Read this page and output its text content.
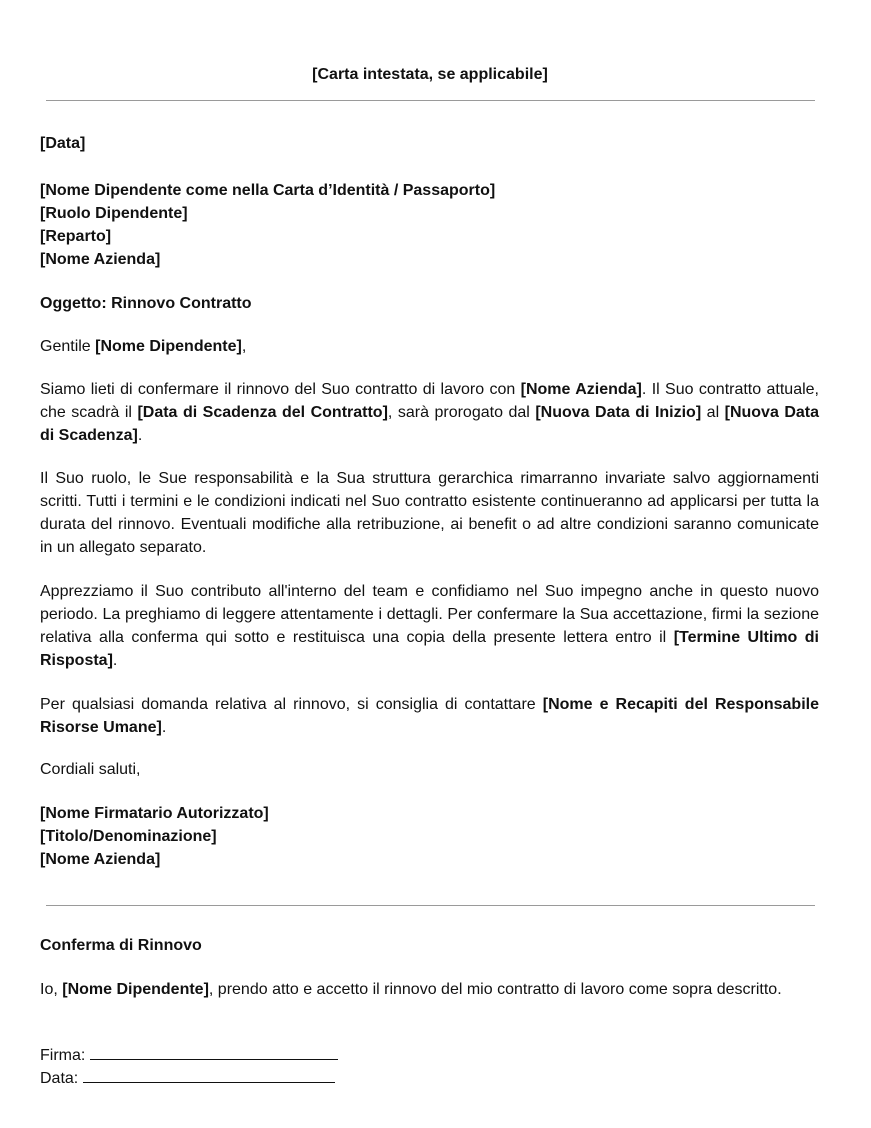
[Carta intestata, se applicabile]

[Data]

[Nome Dipendente come nella Carta d’Identità / Passaporto]

[Ruolo Dipendente]

[Reparto]

[Nome Azienda]

Oggetto: Rinnovo Contratto

Gentile [Nome Dipendente],

Siamo lieti di confermare il rinnovo del Suo contratto di lavoro con [Nome Azienda]. Il Suo contratto attuale, che scadrà il [Data di Scadenza del Contratto], sarà prorogato dal [Nuova Data di Inizio] al [Nuova Data di Scadenza].

Il Suo ruolo, le Sue responsabilità e la Sua struttura gerarchica rimarranno invariate salvo aggiornamenti scritti. Tutti i termini e le condizioni indicati nel Suo contratto esistente continueranno ad applicarsi per tutta la durata del rinnovo. Eventuali modifiche alla retribuzione, ai benefit o ad altre condizioni saranno comunicate in un allegato separato.

Apprezziamo il Suo contributo all'interno del team e confidiamo nel Suo impegno anche in questo nuovo periodo. La preghiamo di leggere attentamente i dettagli. Per confermare la Sua accettazione, firmi la sezione relativa alla conferma qui sotto e restituisca una copia della presente lettera entro il [Termine Ultimo di Risposta].

Per qualsiasi domanda relativa al rinnovo, si consiglia di contattare [Nome e Recapiti del Responsabile Risorse Umane].

Cordiali saluti,

[Nome Firmatario Autorizzato]

[Titolo/Denominazione]

[Nome Azienda]

Conferma di Rinnovo

Io, [Nome Dipendente], prendo atto e accetto il rinnovo del mio contratto di lavoro come sopra descritto.

Firma:

Data:
